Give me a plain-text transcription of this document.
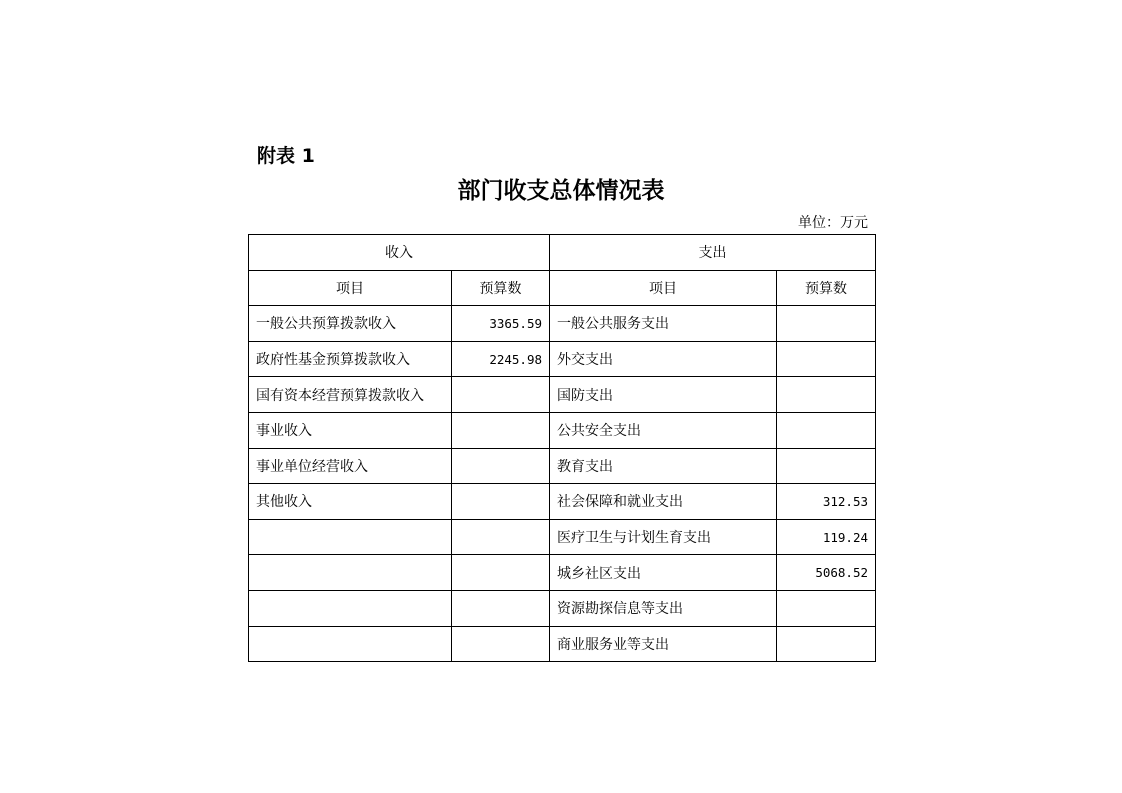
附表 1
部门收支总体情况表
单位：万元
收入		支出	
项目	预算数	项目	预算数
一般公共预算拨款收入	3365.59	一般公共服务支出	
政府性基金预算拨款收入	2245.98	外交支出	
国有资本经营预算拨款收入		国防支出	
事业收入		公共安全支出	
事业单位经营收入		教育支出	
其他收入		社会保障和就业支出	312.53
		医疗卫生与计划生育支出	119.24
		城乡社区支出	5068.52
		资源勘探信息等支出	
		商业服务业等支出	
